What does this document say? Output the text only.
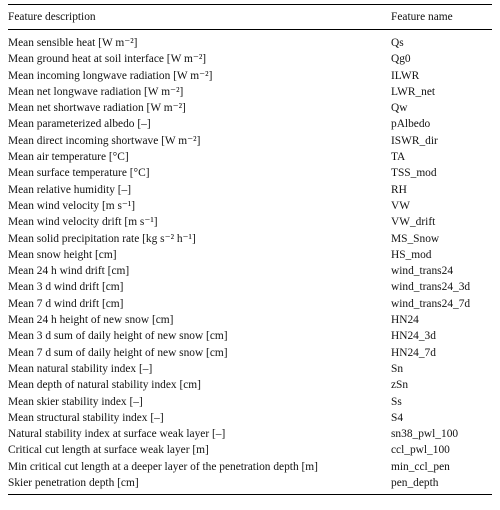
Feature description	Feature name
Mean sensible heat [W m⁻²]	Qs
Mean ground heat at soil interface [W m⁻²]	Qg0
Mean incoming longwave radiation [W m⁻²]	ILWR
Mean net longwave radiation [W m⁻²]	LWR_net
Mean net shortwave radiation [W m⁻²]	Qw
Mean parameterized albedo [–]	pAlbedo
Mean direct incoming shortwave [W m⁻²]	ISWR_dir
Mean air temperature [°C]	TA
Mean surface temperature [°C]	TSS_mod
Mean relative humidity [–]	RH
Mean wind velocity [m s⁻¹]	VW
Mean wind velocity drift [m s⁻¹]	VW_drift
Mean solid precipitation rate [kg s⁻² h⁻¹]	MS_Snow
Mean snow height [cm]	HS_mod
Mean 24 h wind drift [cm]	wind_trans24
Mean 3 d wind drift [cm]	wind_trans24_3d
Mean 7 d wind drift [cm]	wind_trans24_7d
Mean 24 h height of new snow [cm]	HN24
Mean 3 d sum of daily height of new snow [cm]	HN24_3d
Mean 7 d sum of daily height of new snow [cm]	HN24_7d
Mean natural stability index [–]	Sn
Mean depth of natural stability index [cm]	zSn
Mean skier stability index [–]	Ss
Mean structural stability index [–]	S4
Natural stability index at surface weak layer [–]	sn38_pwl_100
Critical cut length at surface weak layer [m]	ccl_pwl_100
Min critical cut length at a deeper layer of the penetration depth [m]	min_ccl_pen
Skier penetration depth [cm]	pen_depth
